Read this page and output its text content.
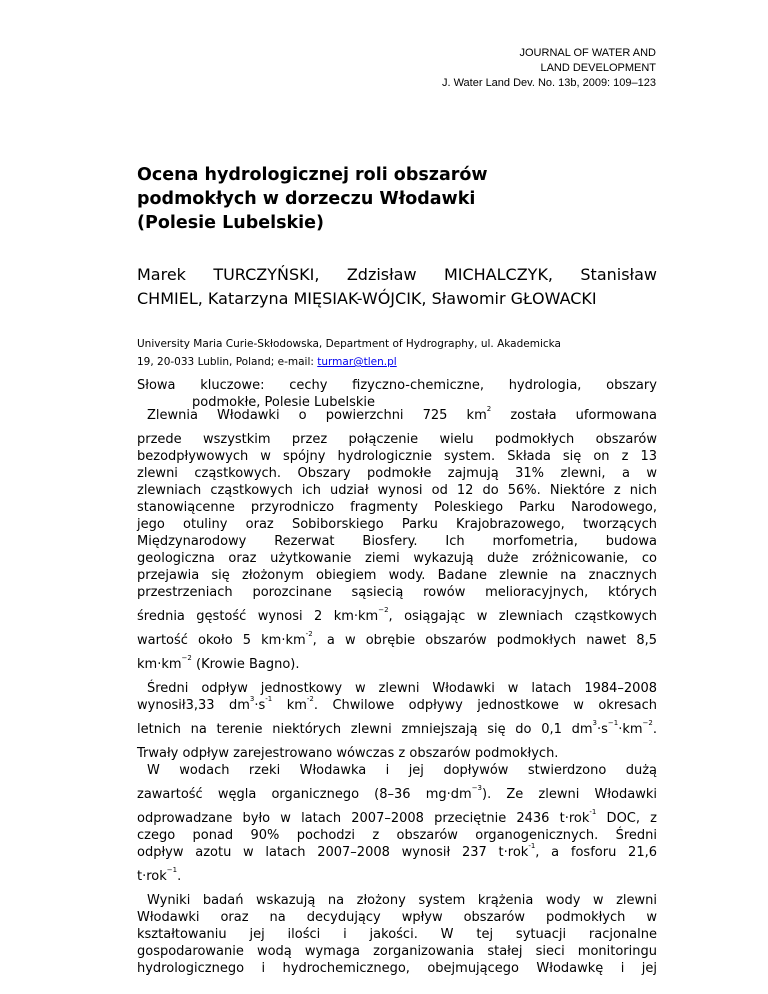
JOURNAL OF WATER AND
LAND DEVELOPMENT
J. Water Land Dev. No. 13b, 2009: 109–123
Ocena hydrologicznej roli obszarów podmokłych w dorzeczu Włodawki (Polesie Lubelskie)
Marek TURCZYŃSKI, Zdzisław MICHALCZYK, Stanisław
CHMIEL, Katarzyna MIĘSIAK-WÓJCIK, Sławomir GŁOWACKI
University Maria Curie-Skłodowska, Department of Hydrography, ul. Akademicka
19, 20-033 Lublin, Poland; e-mail: turmar@tlen.pl
Słowa kluczowe: cechy fizyczno-chemiczne, hydrologia, obszary
podmokłe, Polesie Lubelskie
Zlewnia Włodawki o powierzchni 725 $km^2$ została uformowana
przede wszystkim przez połączenie wielu podmokłych obszarów
bezodpływowych w spójny hydrologicznie system. Składa się on z 13
zlewni cząstkowych. Obszary podmokłe zajmują 31% zlewni, a w
zlewniach cząstkowych ich udział wynosi od 12 do 56%. Niektóre z nich
stanowiącenne przyrodniczo fragmenty Poleskiego Parku Narodowego,
jego otuliny oraz Sobiborskiego Parku Krajobrazowego, tworzących
Międzynarodowy Rezerwat Biosfery. Ich morfometria, budowa
geologiczna oraz użytkowanie ziemi wykazują duże zróżnicowanie, co
przejawia się złożonym obiegiem wody. Badane zlewnie na znacznych
przestrzeniach porozcinane sąsiecią rowów melioracyjnych, których
średnia gęstość wynosi 2 $km\cdot km^{-2}$, osiągając w zlewniach cząstkowych
wartość około 5 $km\cdot km^{-2}$, a w obrębie obszarów podmokłych nawet 8,5
$km\cdot km^{-2}$ (Krowie Bagno).
Średni odpływ jednostkowy w zlewni Włodawki w latach 1984–2008
wynosił3,33 $dm^3\cdot s^{-1}$ $km^{-2}$. Chwilowe odpływy jednostkowe w okresach
letnich na terenie niektórych zlewni zmniejszają się do 0,1 $dm^3\cdot s^{-1}\cdot km^{-2}$.
Trwały odpływ zarejestrowano wówczas z obszarów podmokłych.
W wodach rzeki Włodawka i jej dopływów stwierdzono dużą
zawartość węgla organicznego (8–36 $mg\cdot dm^{-3}$). Ze zlewni Włodawki
odprowadzane było w latach 2007–2008 przeciętnie 2436 t·rok$^{-1}$ DOC, z
czego ponad 90% pochodzi z obszarów organogenicznych. Średni
odpływ azotu w latach 2007–2008 wynosił 237 t·rok$^{-1}$, a fosforu 21,6
t·rok$^{-1}$.
Wyniki badań wskazują na złożony system krążenia wody w zlewni
Włodawki oraz na decydujący wpływ obszarów podmokłych w
kształtowaniu jej ilości i jakości. W tej sytuacji racjonalne
gospodarowanie wodą wymaga zorganizowania stałej sieci monitoringu
hydrologicznego i hydrochemicznego, obejmującego Włodawkę i jej
